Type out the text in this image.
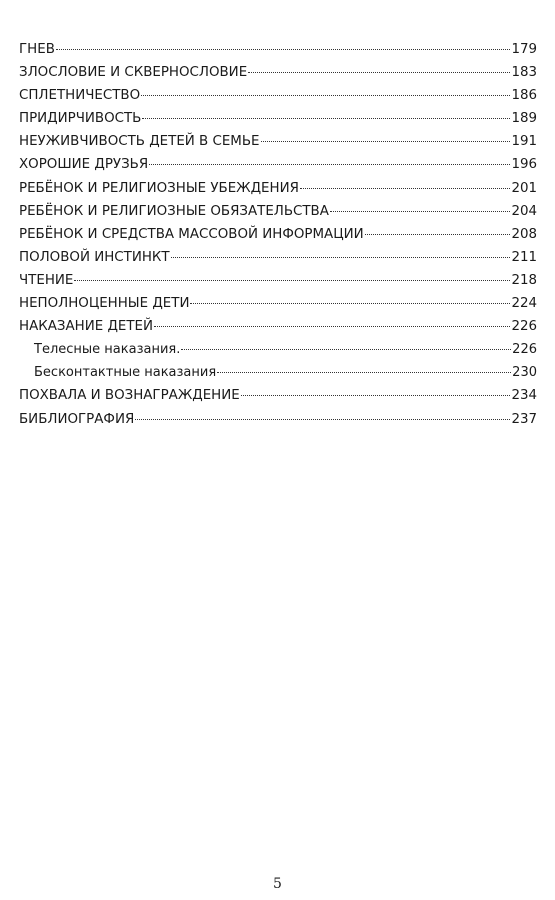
ГНЕВ	179
ЗЛОСЛОВИЕ И СКВЕРНОСЛОВИЕ	183
СПЛЕТНИЧЕСТВО	186
ПРИДИРЧИВОСТЬ	189
НЕУЖИВЧИВОСТЬ ДЕТЕЙ В СЕМЬЕ	191
ХОРОШИЕ ДРУЗЬЯ	196
РЕБЁНОК И РЕЛИГИОЗНЫЕ УБЕЖДЕНИЯ	201
РЕБЁНОК И РЕЛИГИОЗНЫЕ ОБЯЗАТЕЛЬСТВА	204
РЕБЁНОК И СРЕДСТВА МАССОВОЙ ИНФОРМАЦИИ	208
ПОЛОВОЙ ИНСТИНКТ	211
ЧТЕНИЕ	218
НЕПОЛНОЦЕННЫЕ ДЕТИ	224
НАКАЗАНИЕ ДЕТЕЙ	226
Телесные наказания.	226
Бесконтактные наказания	230
ПОХВАЛА И ВОЗНАГРАЖДЕНИЕ	234
БИБЛИОГРАФИЯ	237
5
